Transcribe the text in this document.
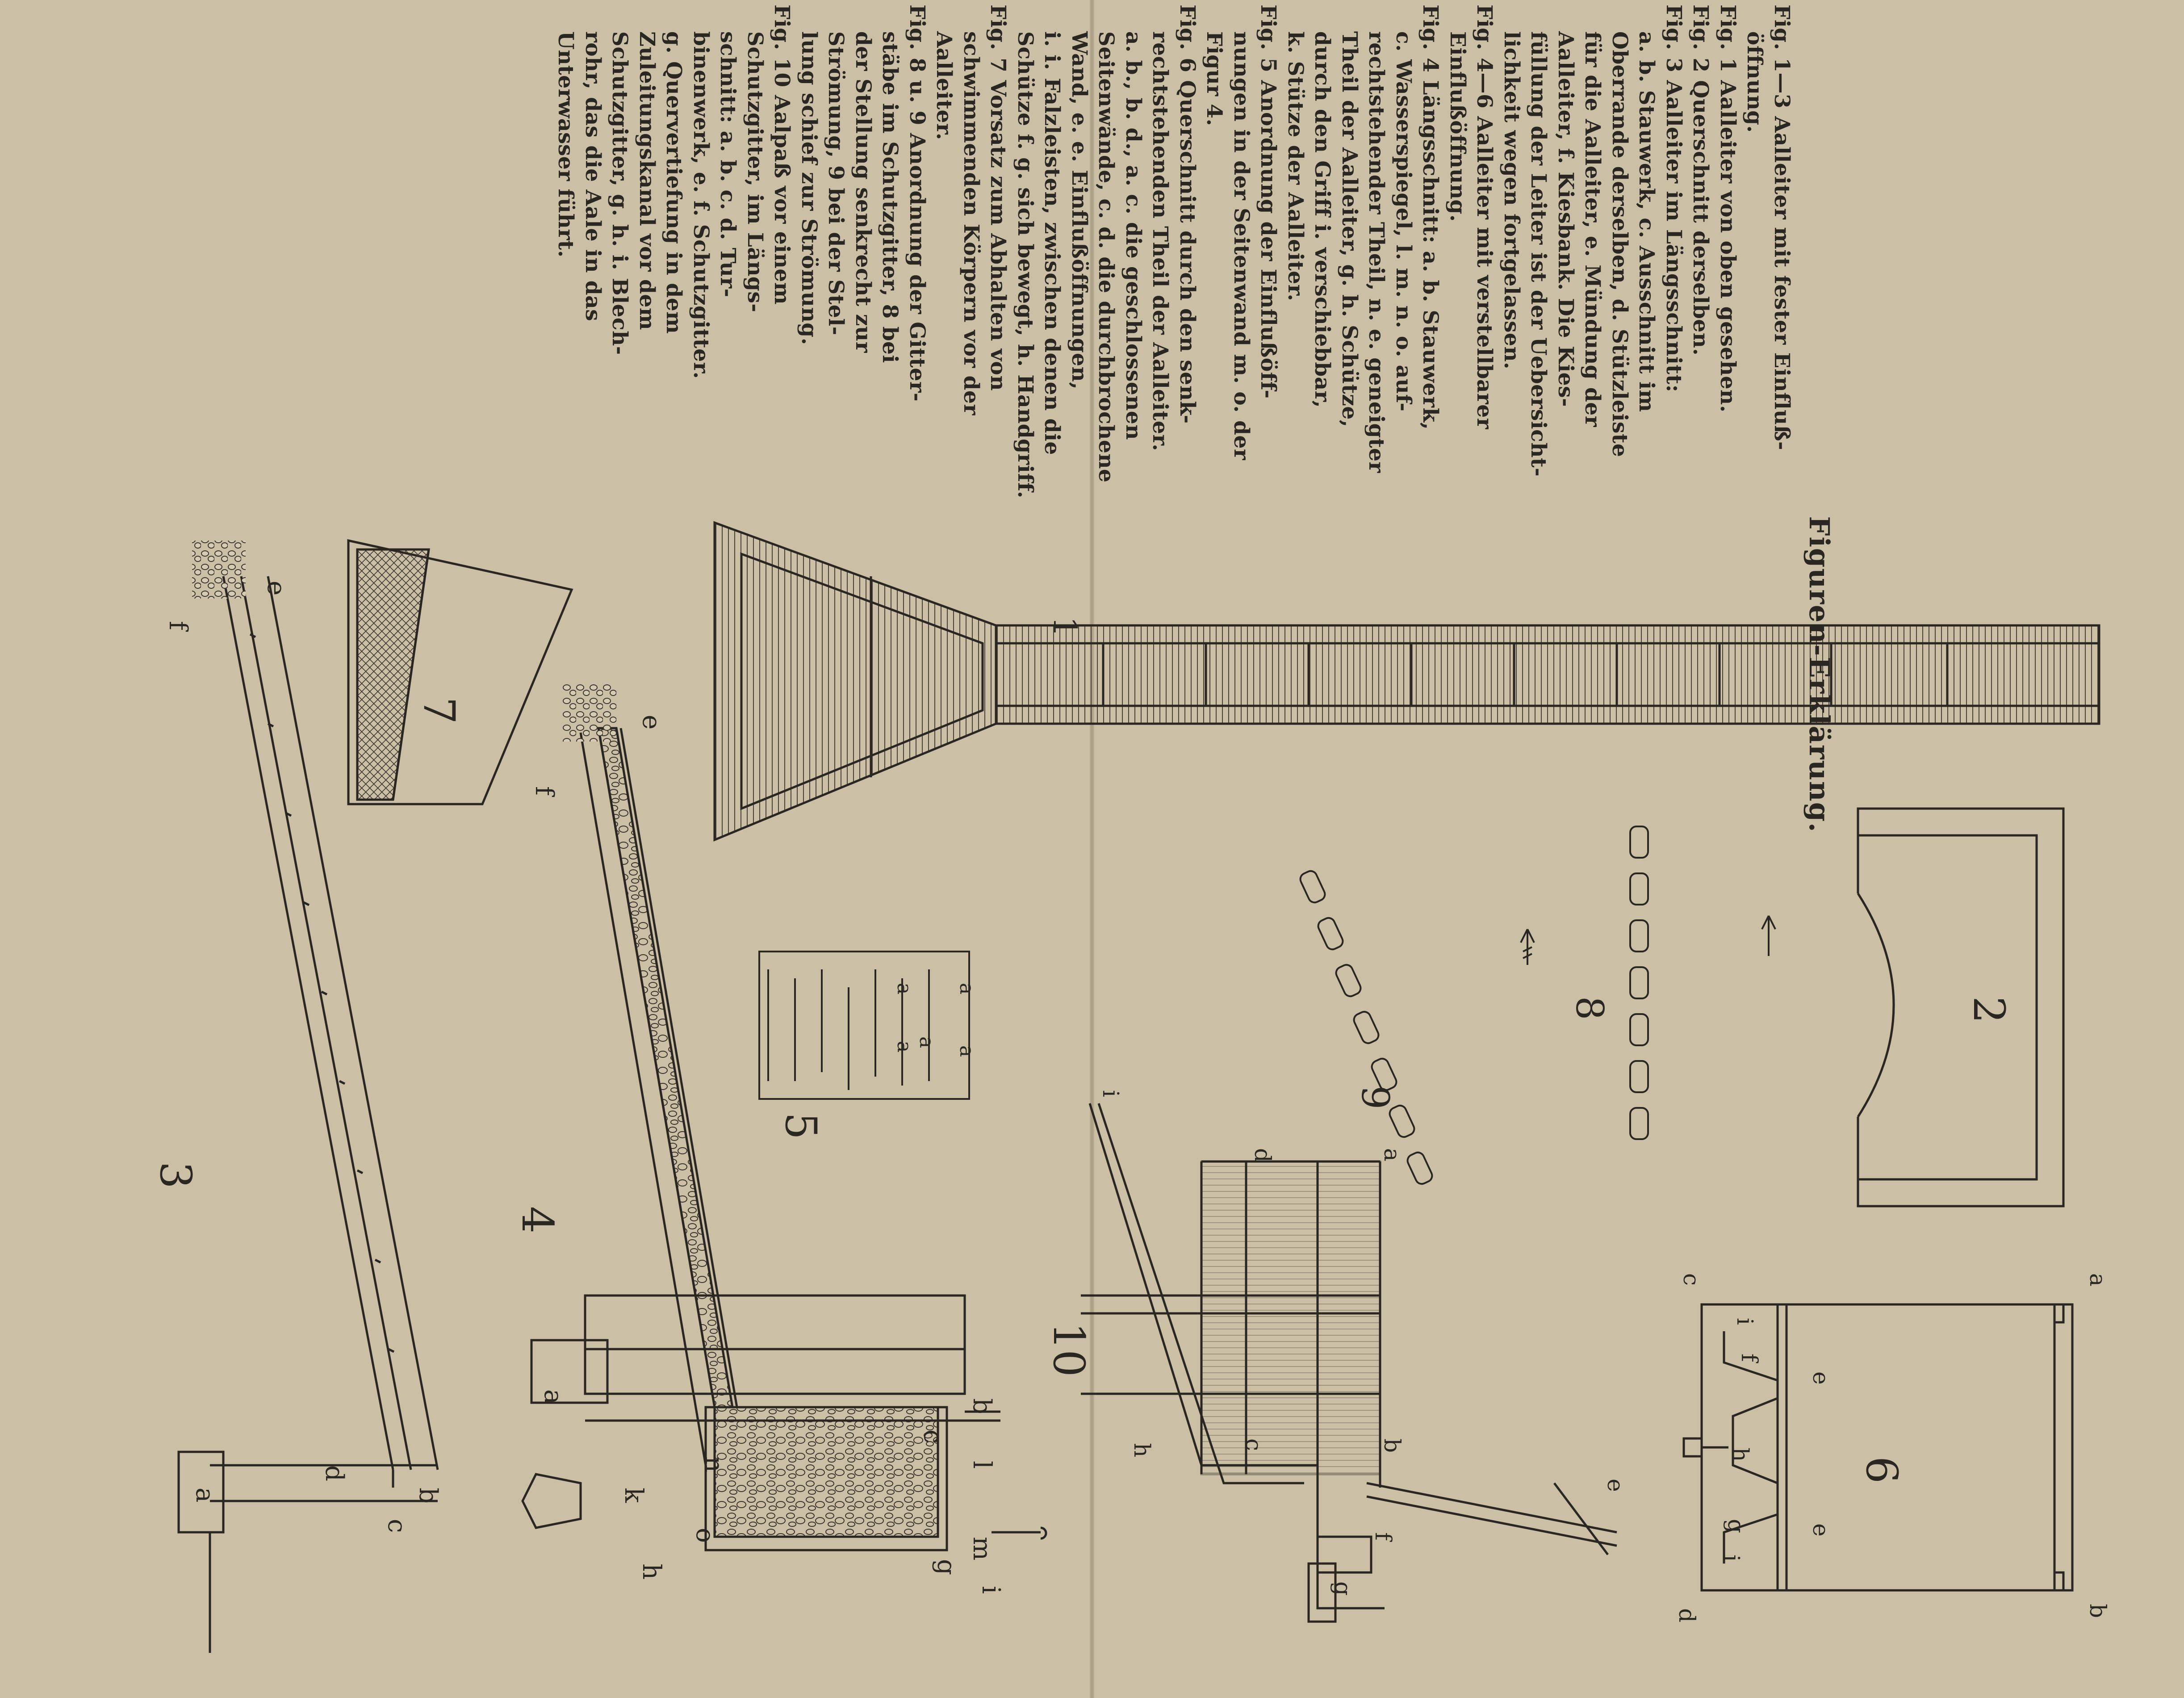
1
2
8
9
6
a
b
c
d
e
e
f
g
h
i
i
10
a
b
c
d
e
f
g
h
i
7
a
a
a
a
a
5
e
f
a
b
c
l
m
n
o
g
h
i
k
4
e
f
a	b
c
d
3
Figuren-Erklärung.
Fig. 1—3 Aalleiter mit fester Einfluß-
öffnung.
Fig. 1 Aalleiter von oben gesehen.
Fig. 2 Querschnitt derselben.
Fig. 3 Aalleiter im Längsschnitt:
a. b. Stauwerk, c. Ausschnitt im
Oberrande derselben, d. Stützleiste
für die Aalleiter, e. Mündung der
Aalleiter, f. Kiesbank. Die Kies-
füllung der Leiter ist der Uebersicht-
lichkeit wegen fortgelassen.
Fig. 4—6 Aalleiter mit verstellbarer
Einflußöffnung.
Fig. 4 Längsschnitt: a. b. Stauwerk,
c. Wasserspiegel, l. m. n. o. auf-
rechtstehender Theil, n. e. geneigter
Theil der Aalleiter, g. h. Schütze,
durch den Griff i. verschiebbar,
k. Stütze der Aalleiter.
Fig. 5 Anordnung der Einflußöff-
nungen in der Seitenwand m. o. der
Figur 4.
Fig. 6 Querschnitt durch den senk-
rechtstehenden Theil der Aalleiter.
a. b., b. d., a. c. die geschlossenen
Seitenwände, c. d. die durchbrochene
Wand, e. e. Einflußöffnungen,
i. i. Falzleisten, zwischen denen die
Schütze f. g. sich bewegt, h. Handgriff.
Fig. 7 Vorsatz zum Abhalten von
schwimmenden Körpern vor der
Aalleiter.
Fig. 8 u. 9 Anordnung der Gitter-
stäbe im Schutzgitter, 8 bei
der Stellung senkrecht zur
Strömung, 9 bei der Stel-
lung schief zur Strömung.
Fig. 10 Aalpaß vor einem
Schutzgitter, im Längs-
schnitt: a. b. c. d. Tur-
binenwerk, e. f. Schutzgitter.
g. Quervertiefung in dem
Zuleitungskanal vor dem
Schutzgitter, g. h. i. Blech-
rohr, das die Aale in das
Unterwasser führt.
